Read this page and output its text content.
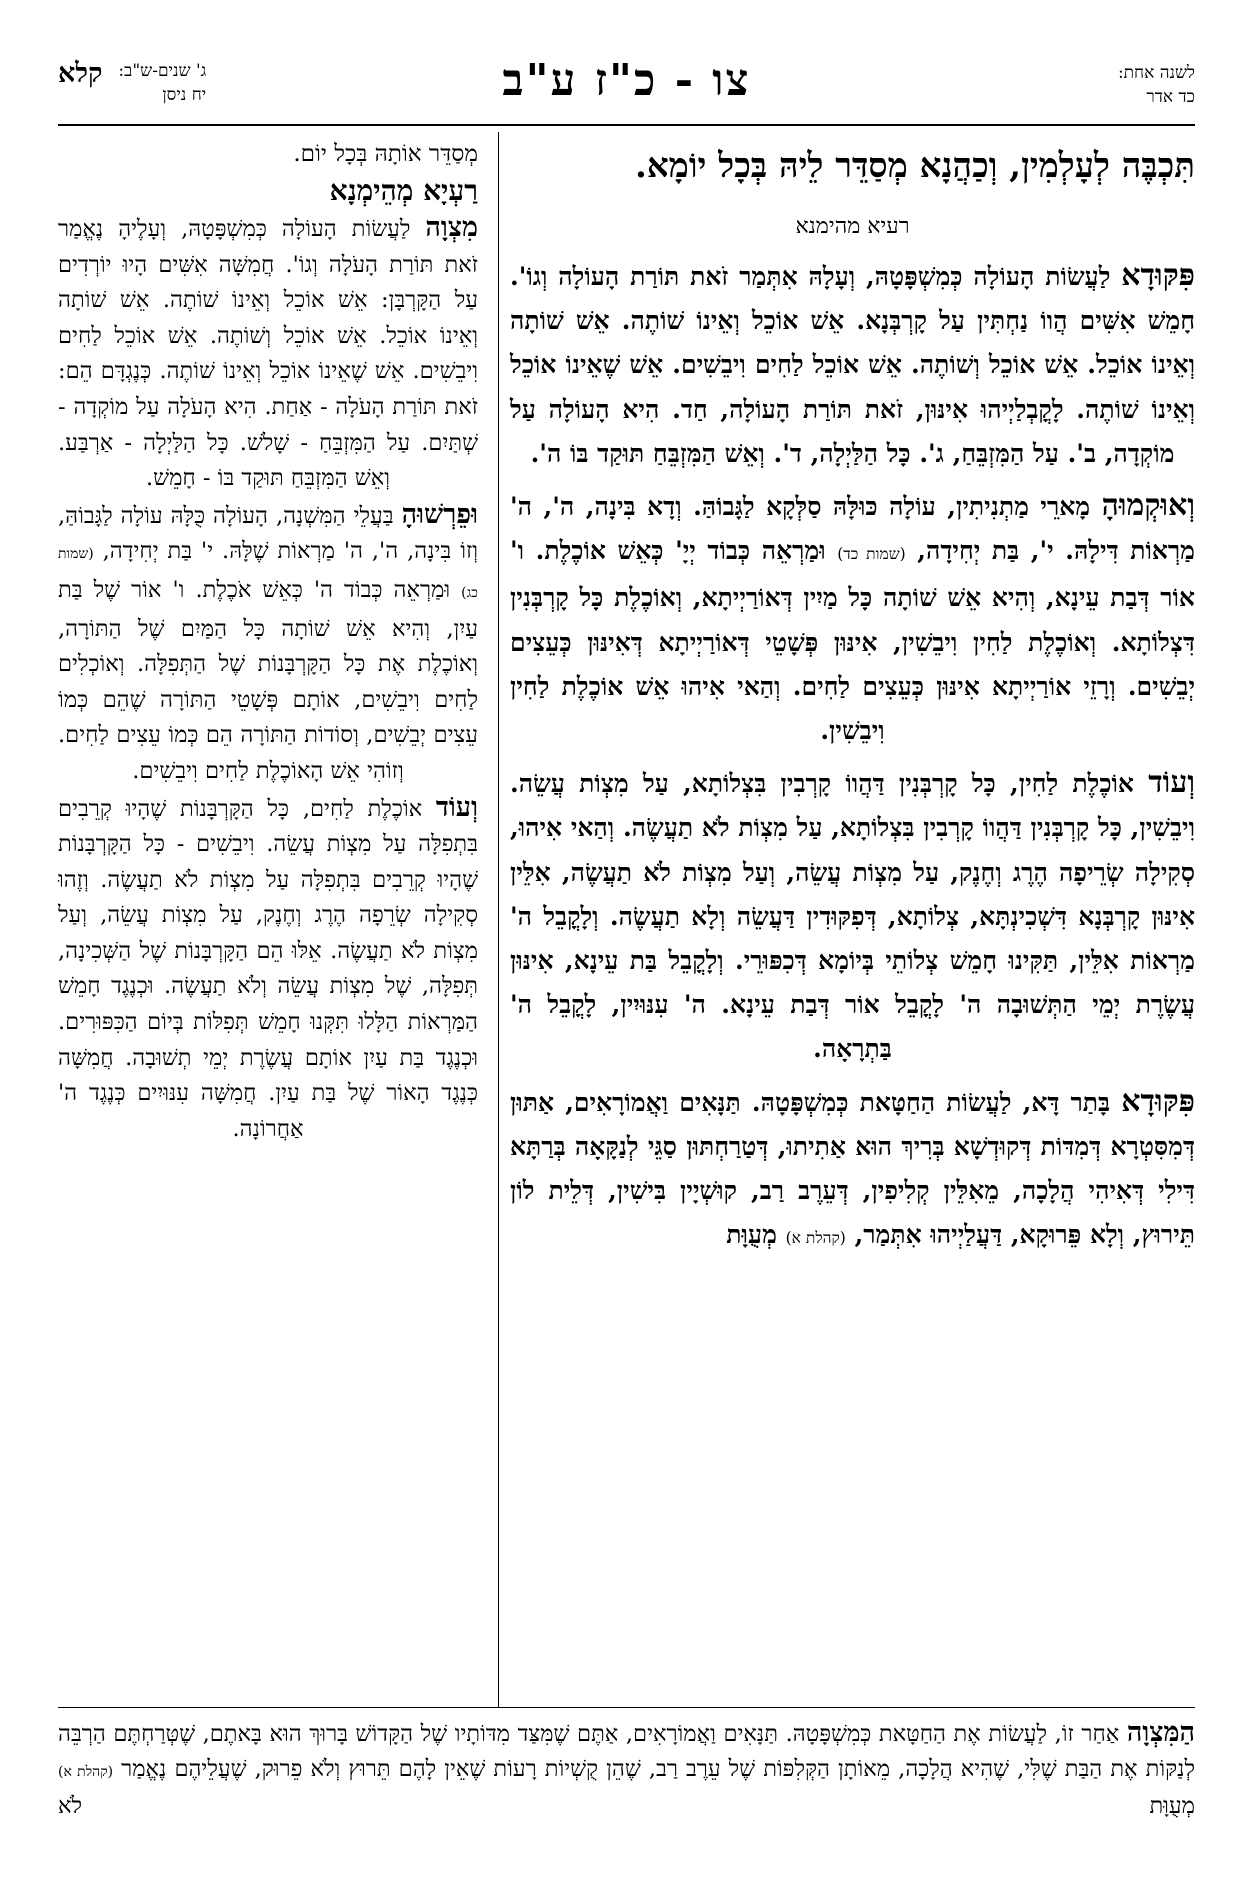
לשנה אחת:
כד אדר
צו - כ"ז ע"ב
ג' שנים-ש"ב:
יח ניסן
קלא
תִּכְבֶּה לְעָלְמִין, וְכַהֲנָא מְסַדֵּר לֵיהּ בְּכָל יוֹמָא.
רעיא מהימנא

פִּקּוּדָא לַעֲשׂוֹת הָעוֹלָה כְּמִשְׁפָּטָהּ, וְעָלָהּ אִתְּמַר זֹאת תּוֹרַת הָעוֹלָה וְגוֹ'. חָמֵשׁ אִשִּׁים הֲווֹ נַחְתִּין עַל קָרְבְּנָא. אֵשׁ אוֹכֵל וְאֵינוֹ שׁוֹתֶה. אֵשׁ שׁוֹתָה וְאֵינוֹ אוֹכֵל. אֵשׁ אוֹכֵל וְשׁוֹתֶה. אֵשׁ אוֹכֵל לַחִים וִיבֵשִׁים. אֵשׁ שֶׁאֵינוֹ אוֹכֵל וְאֵינוֹ שׁוֹתֶה. לָקֳבְלַיְיהוּ אִינּוּן, זֹאת תּוֹרַת הָעוֹלָה, חַד. הִיא הָעוֹלָה עַל מוֹקְדָה, ב'. עַל הַמִּזְבֵּחַ, ג'. כָּל הַלַּיְלָה, ד'. וְאֵשׁ הַמִּזְבֵּחַ תּוּקַד בּוֹ ה'.

וְאוּקְמוּהָ מָארֵי מַתְנִיתִין, עוֹלָה כּוּלָּהּ סַלְּקָא לַגָּבוֹהַּ. וְדָא בִּינָה, ה', ה' מַרְאוֹת דִּילָהּ. י', בַּת יְחִידָה, (שמות כד) וּמַרְאֵה כְּבוֹד יְיָ' כְּאֵשׁ אוֹכֶלֶת. ו' אוֹר דְּבַת עֵינָא, וְהִיא אֵשׁ שׁוֹתָה כָּל מַיִין דְּאוֹרַיְיתָא, וְאוֹכֶלֶת כָּל קָרְבְּנִין דִּצְלוֹתָא. וְאוֹכֶלֶת לַחִין וִיבֵשִׁין, אִינּוּן פְּשָׁטֵי דְּאוֹרַיְיתָא דְּאִינּוּן כְּעֵצִים יְבֵשִׁים. וְרָזֵי אוֹרַיְיתָא אִינּוּן כְּעֵצִים לַחִים. וְהַאי אִיהוּ אֵשׁ אוֹכֶלֶת לַחִין וִיבֵשִׁין.

וְעוֹד אוֹכֶלֶת לַחִין, כָּל קָרְבְּנִין דַּהֲווֹ קָרְבִין בִּצְלוֹתָא, עַל מִצְוֹת עֲשֵׂה. וִיבֵשִׁין, כָּל קָרְבְּנִין דַּהֲווֹ קָרְבִין בִּצְלוֹתָא, עַל מִצְוֹת לֹא תַעֲשֶׂה. וְהַאי אִיהוּ, סְקִילָה שְׂרֵיפָה הֶרֶג וְחֶנֶק, עַל מִצְוֹת עֲשֵׂה, וְעַל מִצְוֹת לֹא תַעֲשֶׂה, אִלֵּין אִינּוּן קָרְבְּנָא דִּשְׁכִינְתָּא, צְלוֹתָא, דְּפִקּוּדִין דַּעֲשֵׂה וְלָא תַעֲשֶׂה. וְלָקֳבֵל ה' מַרְאוֹת אִלֵּין, תַּקִּינוּ חָמֵשׁ צְלוֹתֵי בְּיוֹמָא דְּכִפּוּרֵי. וְלָקֳבֵל בַּת עֵינָא, אִינּוּן עֲשֶׂרֶת יְמֵי הַתְּשׁוּבָה ה' לָקֳבֵל אוֹר דְּבַת עֵינָא. ה' עִנּוּיִין, לָקֳבֵל ה' בַּתְרָאָה.

פִּקּוּדָא בָּתַר דָּא, לַעֲשׂוֹת הַחַטָּאת כְּמִשְׁפָּטָהּ. תַּנָּאִים וַאֲמוֹרָאִים, אַתּוּן דְּמִסִּטְרָא דְּמִדּוֹת דְּקוּדְשָׁא בְּרִיךְ הוּא אַתִיתוּ, דְּטַרַחְתּוּן סַגֵּי לְנַקָּאָה בְּרַתָּא דִּילִי דְּאִיהִי הֲלָכָה, מֵאִלֵּין קְלִיפִין, דְּעֵרֶב רַב, קוּשְׁיָין בִּישִׁין, דְּלֵית לוֹן תֵּירוּץ, וְלָא פֵּרוּקָא, דַּעֲלַיְיהוּ אִתְּמַר, (קהלת א) מְעֻוָּת

מְסַדֵּר אוֹתָהּ בְּכָל יוֹם.

רַעְיָא מְהֵימְנָא

מִצְוָה לַעֲשׂוֹת הָעוֹלָה כְּמִשְׁפָּטָהּ, וְעָלֶיהָ נֶאֱמַר זֹאת תּוֹרַת הָעֹלָה וְגוֹ'. חֲמִשָּׁה אִשִּׁים הָיוּ יוֹרְדִים עַל הַקָּרְבָּן: אֵשׁ אוֹכֵל וְאֵינוֹ שׁוֹתֶה. אֵשׁ שׁוֹתָה וְאֵינוֹ אוֹכֵל. אֵשׁ אוֹכֵל וְשׁוֹתֶה. אֵשׁ אוֹכֵל לַחִים וִיבֵשִׁים. אֵשׁ שֶׁאֵינוֹ אוֹכֵל וְאֵינוֹ שׁוֹתֶה. כְּנֶגְדָּם הֵם: זֹאת תּוֹרַת הָעֹלָה - אַחַת. הִיא הָעֹלָה עַל מוֹקְדָה - שְׁתַּיִם. עַל הַמִּזְבֵּחַ - שָׁלֹשׁ. כָּל הַלַּיְלָה - אַרְבַּע. וְאֵשׁ הַמִּזְבֵּחַ תּוּקַד בּוֹ - חָמֵשׁ.

וּפֵרְשׁוּהָ בַּעֲלֵי הַמִּשְׁנָה, הָעוֹלָה כֻּלָּהּ עוֹלָה לַגָּבוֹהַּ, וְזוֹ בִּינָה, ה', ה' מַרְאוֹת שֶׁלָּהּ. י' בַּת יְחִידָה, (שמות כג) וּמַרְאֵה כְּבוֹד ה' כְּאֵשׁ אֹכֶלֶת. ו' אוֹר שֶׁל בַּת עַיִן, וְהִיא אֵשׁ שׁוֹתָה כָּל הַמַּיִם שֶׁל הַתּוֹרָה, וְאוֹכֶלֶת אֶת כָּל הַקָּרְבָּנוֹת שֶׁל הַתְּפִלָּה. וְאוֹכְלִים לַחִים וִיבֵשִׁים, אוֹתָם פְּשָׁטֵי הַתּוֹרָה שֶׁהֵם כְּמוֹ עֵצִים יְבֵשִׁים, וְסוֹדוֹת הַתּוֹרָה הֵם כְּמוֹ עֵצִים לַחִים. וְזוֹהִי אֵשׁ הָאוֹכֶלֶת לַחִים וִיבֵשִׁים.

וְעוֹד אוֹכֶלֶת לַחִים, כָּל הַקָּרְבָּנוֹת שֶׁהָיוּ קְרֵבִים בִּתְפִלָּה עַל מִצְוֹת עֲשֵׂה. וִיבֵשִׁים - כָּל הַקָּרְבָּנוֹת שֶׁהָיוּ קְרֵבִים בִּתְפִלָּה עַל מִצְוֹת לֹא תַעֲשֶׂה. וְזֶהוּ סְקִילָה שְׂרֵפָה הֶרֶג וְחֶנֶק, עַל מִצְוֹת עֲשֵׂה, וְעַל מִצְוֹת לֹא תַעֲשֶׂה. אֵלּוּ הֵם הַקָּרְבָּנוֹת שֶׁל הַשְּׁכִינָה, תְּפִלָּה, שֶׁל מִצְוֹת עֲשֵׂה וְלֹא תַעֲשֶׂה. וּכְנֶגֶד חָמֵשׁ הַמַּרְאוֹת הַלָּלוּ תִּקְּנוּ חָמֵשׁ תְּפִלּוֹת בְּיוֹם הַכִּפּוּרִים. וּכְנֶגֶד בַּת עַיִן אוֹתָם עֲשֶׂרֶת יְמֵי תְשׁוּבָה. חֲמִשָּׁה כְּנֶגֶד הָאוֹר שֶׁל בַּת עַיִן. חֲמִשָּׁה עִנּוּיִים כְּנֶגֶד ה' אַחֲרוֹנָה.

הַמִּצְוָה אַחַר זוֹ, לַעֲשׂוֹת אֶת הַחַטָּאת כְּמִשְׁפָּטָהּ. תַּנָּאִים וַאֲמוֹרָאִים, אַתֶּם שֶׁמִּצַּד מִדּוֹתָיו שֶׁל הַקָּדוֹשׁ בָּרוּךְ הוּא בָּאתֶם, שֶׁטְּרַחְתֶּם הַרְבֵּה לְנַקּוֹת אֶת הַבַּת שֶׁלִּי, שֶׁהִיא הֲלָכָה, מֵאוֹתָן הַקְּלִפּוֹת שֶׁל עֵרֶב רַב, שֶׁהֵן קֻשְׁיוֹת רָעוֹת שֶׁאֵין לָהֶם תֵּרוּץ וְלֹא פֵרוּק, שֶׁעֲלֵיהֶם נֶאֱמַר (קהלת א) מְעֻוָּת לֹא
